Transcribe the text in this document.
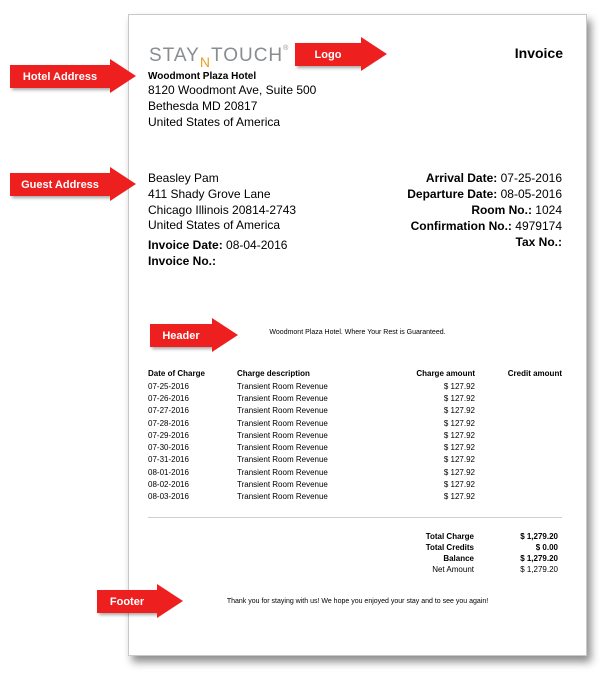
$STAY_NTOUCH®$	Invoice
Woodmont Plaza Hotel
8120 Woodmont Ave, Suite 500
Bethesda MD 20817
United States of America
Beasley Pam
411 Shady Grove Lane
Chicago Illinois 20814-2743
United States of America
Invoice Date: 08-04-2016
Invoice No.:
Arrival Date: 07-25-2016
Departure Date: 08-05-2016
Room No.: 1024
Confirmation No.: 4979174
Tax No.:
Woodmont Plaza Hotel. Where Your Rest is Guaranteed.
Date of Charge	Charge description	Charge amount	Credit amount
07-25-2016	Transient Room Revenue	$ 127.92	
07-26-2016	Transient Room Revenue	$ 127.92	
07-27-2016	Transient Room Revenue	$ 127.92	
07-28-2016	Transient Room Revenue	$ 127.92	
07-29-2016	Transient Room Revenue	$ 127.92	
07-30-2016	Transient Room Revenue	$ 127.92	
07-31-2016	Transient Room Revenue	$ 127.92	
08-01-2016	Transient Room Revenue	$ 127.92	
08-02-2016	Transient Room Revenue	$ 127.92	
08-03-2016	Transient Room Revenue	$ 127.92	
Total Charge	$ 1,279.20
Total Credits	$ 0.00
Balance	$ 1,279.20
Net Amount	$ 1,279.20
Thank you for staying with us! We hope you enjoyed your stay and to see you again!
Logo
Hotel Address
Guest Address
Header
Footer
